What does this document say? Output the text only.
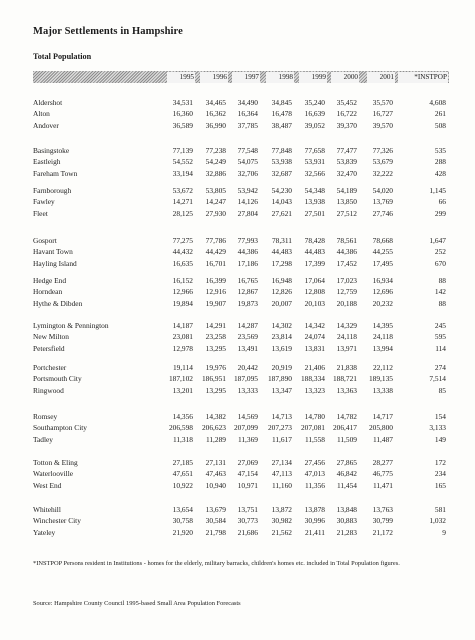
Major Settlements in Hampshire
Total Population
1995	1996	1997	1998	1999	2000	2001	*INSTPOP
Aldershot	34,531 34,465 34,490 34,845 35,240 35,452 35,570	4,608
Alton	16,360 16,362 16,364 16,478 16,639 16,722 16,727	261
Andover	36,589 36,990 37,785 38,487 39,052 39,370 39,570	508
Basingstoke	77,139 77,238 77,548 77,848 77,658 77,477 77,326	535
Eastleigh	54,552 54,249 54,075 53,938 53,931 53,839 53,679	288
Fareham Town	33,194 32,886 32,706 32,687 32,566 32,470 32,222	428
Farnborough	53,672 53,805 53,942 54,230 54,348 54,189 54,020	1,145
Fawley	14,271 14,247 14,126 14,043 13,938 13,850 13,769	66
Fleet	28,125 27,930 27,804 27,621 27,501 27,512 27,746	299
Gosport	77,275 77,786 77,993 78,311 78,428 78,561 78,668	1,647
Havant Town	44,432 44,429 44,386 44,483 44,483 44,386 44,255	252
Hayling Island	16,635 16,701 17,186 17,298 17,399 17,452 17,495	670
Hedge End	16,152 16,399 16,765 16,948 17,064 17,023 16,934	88
Horndean	12,966 12,916 12,867 12,826 12,808 12,759 12,696	142
Hythe & Dibden	19,894 19,907 19,873 20,007 20,103 20,188 20,232	88
Lymington & Pennington	14,187 14,291 14,287 14,302 14,342 14,329 14,395	245
New Milton	23,081 23,258 23,569 23,814 24,074 24,118 24,118	595
Petersfield	12,978 13,295 13,491 13,619 13,831 13,971 13,994	114
Portchester	19,114 19,976 20,442 20,919 21,406 21,838 22,112	274
Portsmouth City	187,102 186,951 187,095 187,890 188,334 188,721 189,135	7,514
Ringwood	13,201 13,295 13,333 13,347 13,323 13,363 13,338	85
Romsey	14,356 14,382 14,569 14,713 14,780 14,782 14,717	154
Southampton City	206,598 206,623 207,099 207,273 207,081 206,417 205,800	3,133
Tadley	11,318 11,289 11,369 11,617 11,558 11,509 11,487	149
Totton & Eling	27,185 27,131 27,069 27,134 27,456 27,865 28,277	172
Waterlooville	47,651 47,463 47,154 47,113 47,013 46,842 46,775	234
West End	10,922 10,940 10,971 11,160 11,356 11,454 11,471	165
Whitehill	13,654 13,679 13,751 13,872 13,878 13,848 13,763	581
Winchester City	30,758 30,584 30,773 30,982 30,996 30,883 30,799	1,032
Yateley	21,920 21,798 21,686 21,562 21,411 21,283 21,172	9
*INSTPOP Persons resident in Institutions - homes for the elderly, military barracks, children's homes etc. included in Total Population figures.
Source: Hampshire County Council 1995-based Small Area Population Forecasts
